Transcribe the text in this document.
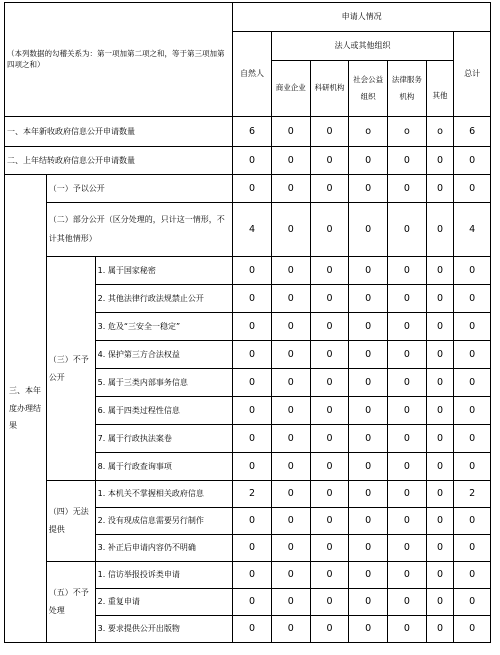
（本列数据的勾稽关系为：第一项加第二项之和，等于第三项加第四项之和）			申请人情况						
			自然人	法人或其他组织					总计
				商业企业	科研机构	社会公益组织	法律服务机构	其他	
一、本年新收政府信息公开申请数量			6	0	0	o	o	o	6
二、上年结转政府信息公开申请数量			0	0	0	0	0	0	0
三、本年度办理结果	（一）予以公开		0	0	0	0	0	0	0
	（二）部分公开（区分处理的，只计这一情形，不计其他情形）		4	0	0	0	0	0	4
	（三）不予公开	1. 属于国家秘密	0	0	0	0	0	0	0
		2. 其他法律行政法规禁止公开	0	0	0	0	0	0	0
		3. 危及“三安全一稳定”	0	0	0	0	0	0	0
		4. 保护第三方合法权益	0	0	0	0	0	0	0
		5. 属于三类内部事务信息	0	0	0	0	0	0	0
		6. 属于四类过程性信息	0	0	0	0	0	0	0
		7. 属于行政执法案卷	0	0	0	0	0	0	0
		8. 属于行政查询事项	0	0	0	0	0	0	0
	（四）无法提供	1. 本机关不掌握相关政府信息	2	0	0	0	0	0	2
		2. 没有现成信息需要另行制作	0	0	0	0	0	0	0
		3. 补正后申请内容仍不明确	0	0	0	0	0	0	0
	（五）不予处理	1. 信访举报投诉类申请	0	0	0	0	0	0	0
		2. 重复申请	0	0	0	0	0	0	0
		3. 要求提供公开出版物	0	0	0	0	0	0	0
